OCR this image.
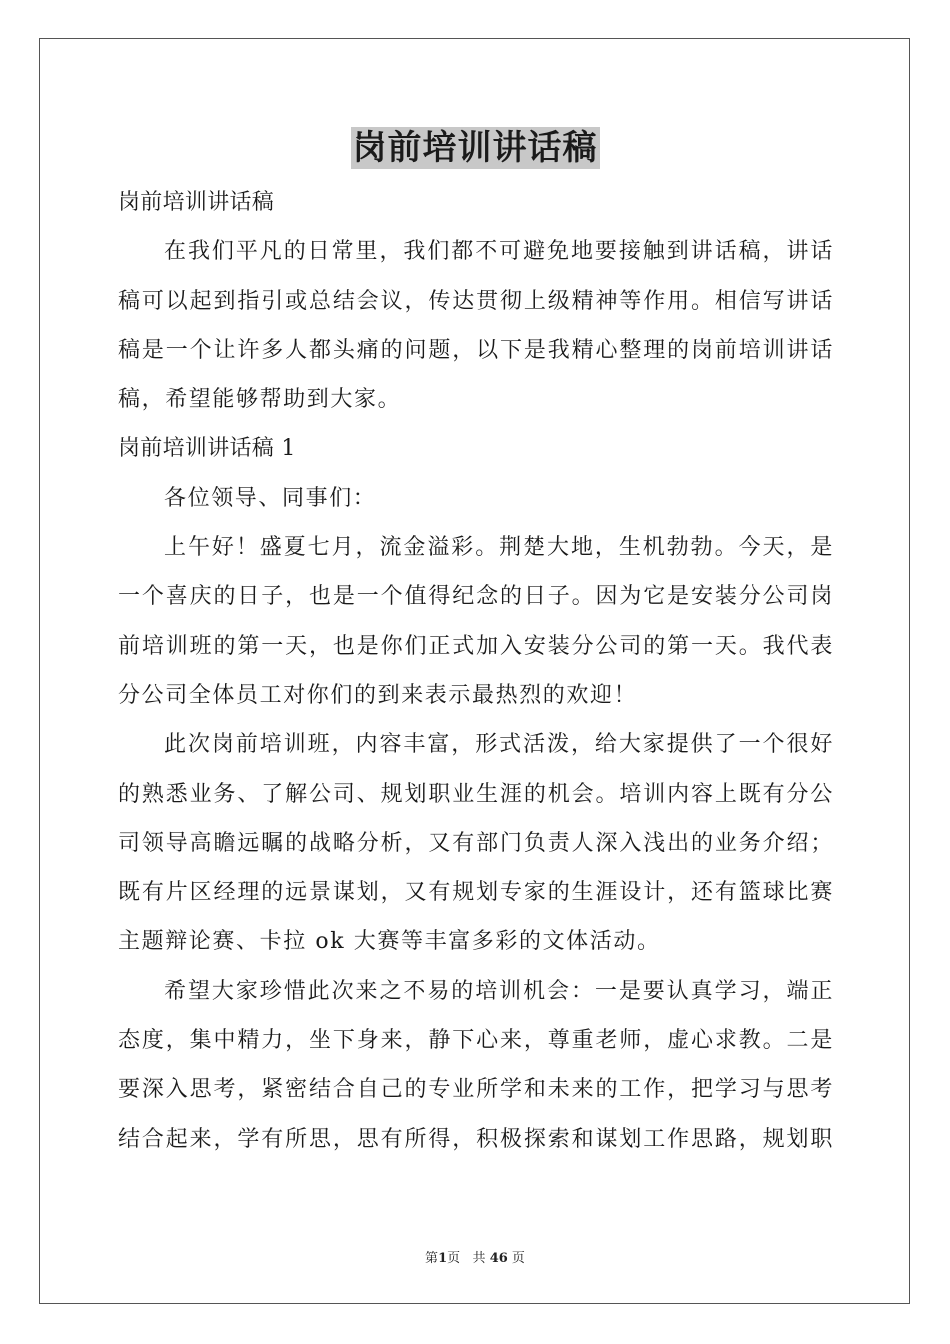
岗前培训讲话稿
岗前培训讲话稿
在我们平凡的日常里，我们都不可避免地要接触到讲话稿，讲话
稿可以起到指引或总结会议，传达贯彻上级精神等作用。相信写讲话
稿是一个让许多人都头痛的问题，以下是我精心整理的岗前培训讲话
稿，希望能够帮助到大家。
岗前培训讲话稿 1
各位领导、同事们：
上午好！盛夏七月，流金溢彩。荆楚大地，生机勃勃。今天，是
一个喜庆的日子，也是一个值得纪念的日子。因为它是安装分公司岗
前培训班的第一天，也是你们正式加入安装分公司的第一天。我代表
分公司全体员工对你们的到来表示最热烈的欢迎！
此次岗前培训班，内容丰富，形式活泼，给大家提供了一个很好
的熟悉业务、了解公司、规划职业生涯的机会。培训内容上既有分公
司领导高瞻远瞩的战略分析，又有部门负责人深入浅出的业务介绍；
既有片区经理的远景谋划，又有规划专家的生涯设计，还有篮球比赛
主题辩论赛、卡拉 ok 大赛等丰富多彩的文体活动。
希望大家珍惜此次来之不易的培训机会：一是要认真学习，端正
态度，集中精力，坐下身来，静下心来，尊重老师，虚心求教。二是
要深入思考，紧密结合自己的专业所学和未来的工作，把学习与思考
结合起来，学有所思，思有所得，积极探索和谋划工作思路，规划职
第1页 共 46 页
